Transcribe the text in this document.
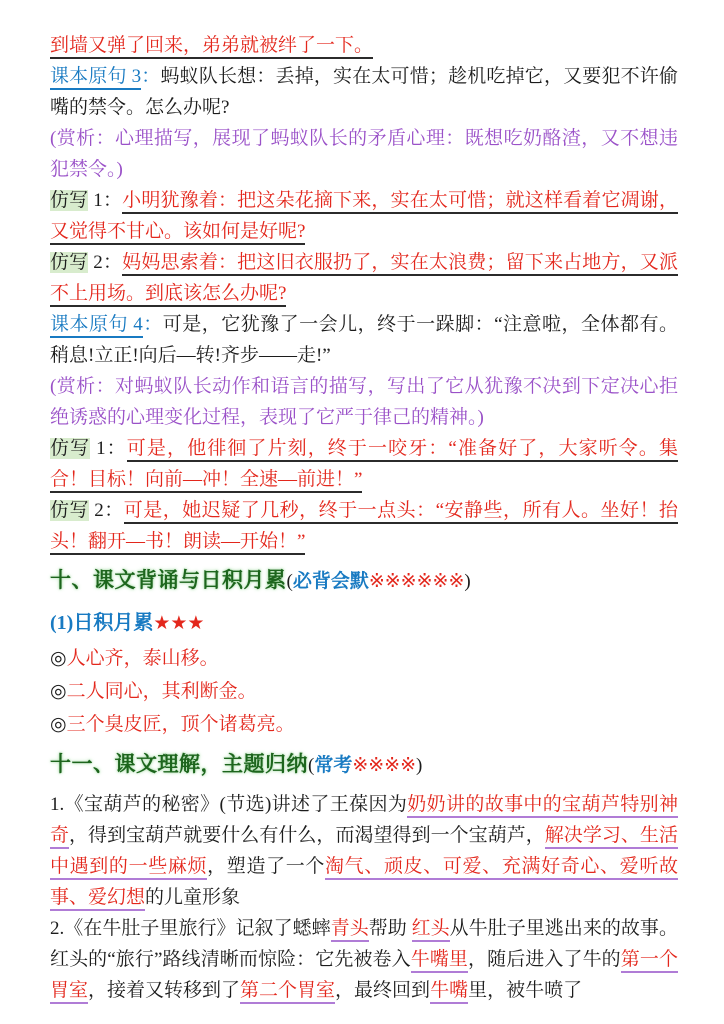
到墙又弹了回来，弟弟就被绊了一下。

课本原句 3：蚂蚁队长想：丢掉，实在太可惜；趁机吃掉它，又要犯不许偷嘴的禁令。怎么办呢?

(赏析：心理描写，展现了蚂蚁队长的矛盾心理：既想吃奶酪渣，又不想违犯禁令。)

仿写 1：小明犹豫着：把这朵花摘下来，实在太可惜；就这样看着它凋谢，又觉得不甘心。该如何是好呢?

仿写 2：妈妈思索着：把这旧衣服扔了，实在太浪费；留下来占地方，又派不上用场。到底该怎么办呢?

课本原句 4：可是，它犹豫了一会儿，终于一跺脚：“注意啦，全体都有。稍息!立正!向后—转!齐步——走!”

(赏析：对蚂蚁队长动作和语言的描写，写出了它从犹豫不决到下定决心拒绝诱惑的心理变化过程，表现了它严于律己的精神。)

仿写 1：可是，他徘徊了片刻，终于一咬牙：“准备好了，大家听令。集合！目标！向前—冲！全速—前进！”

仿写 2：可是，她迟疑了几秒，终于一点头：“安静些，所有人。坐好！抬头！翻开—书！朗读—开始！”

十、课文背诵与日积月累(必背会默※※※※※※)

(1)日积月累★★★

◎人心齐，泰山移。

◎二人同心，其利断金。

◎三个臭皮匠，顶个诸葛亮。

十一、课文理解，主题归纳(常考※※※※)

1.《宝葫芦的秘密》(节选)讲述了王葆因为奶奶讲的故事中的宝葫芦特别神奇，得到宝葫芦就要什么有什么，而渴望得到一个宝葫芦，解决学习、生活中遇到的一些麻烦，塑造了一个淘气、顽皮、可爱、充满好奇心、爱听故事、爱幻想的儿童形象

2.《在牛肚子里旅行》记叙了蟋蟀青头帮助 红头从牛肚子里逃出来的故事。红头的“旅行”路线清晰而惊险：它先被卷入牛嘴里，随后进入了牛的第一个胃室，接着又转移到了第二个胃室，最终回到牛嘴里，被牛喷了
